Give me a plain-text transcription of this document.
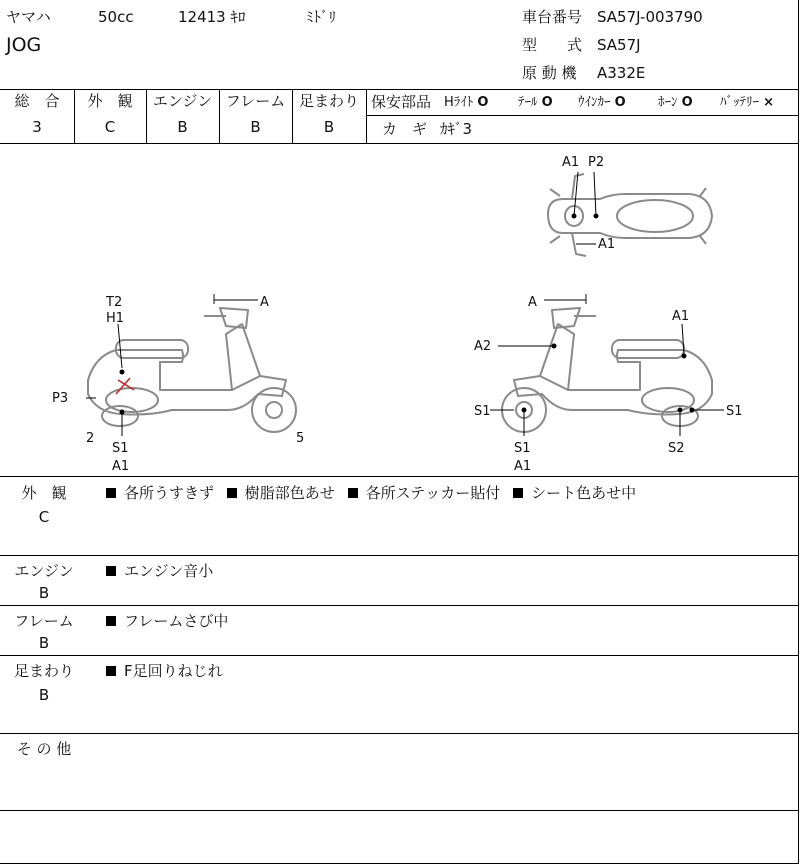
ヤマハ	50cc	12413 ｷﾛ	ﾐﾄﾞﾘ
JOG
車台番号 SA57J-003790
型　　式 SA57J
原 動 機 A332E
総　合
3
外　観
C
エンジン
B
フレーム
B
足まわり
B
保安部品 Hﾗｲﾄ O ﾃｰﾙ O ｳｲﾝｶｰ O ﾎｰﾝ O ﾊﾞｯﾃﾘｰ ×
カ　ギ ｶｷﾞ3
A1 P2
A1
T2
H1
A
P3
2
S1
A1
5
A
A1
A2
S1	S1
S1
A1
S2
外　観
C
各所うすきず 樹脂部色あせ 各所ステッカー貼付 シート色あせ中
エンジン
B
エンジン音小
フレーム
B
フレームさび中
足まわり
B
F足回りねじれ
そ の 他
